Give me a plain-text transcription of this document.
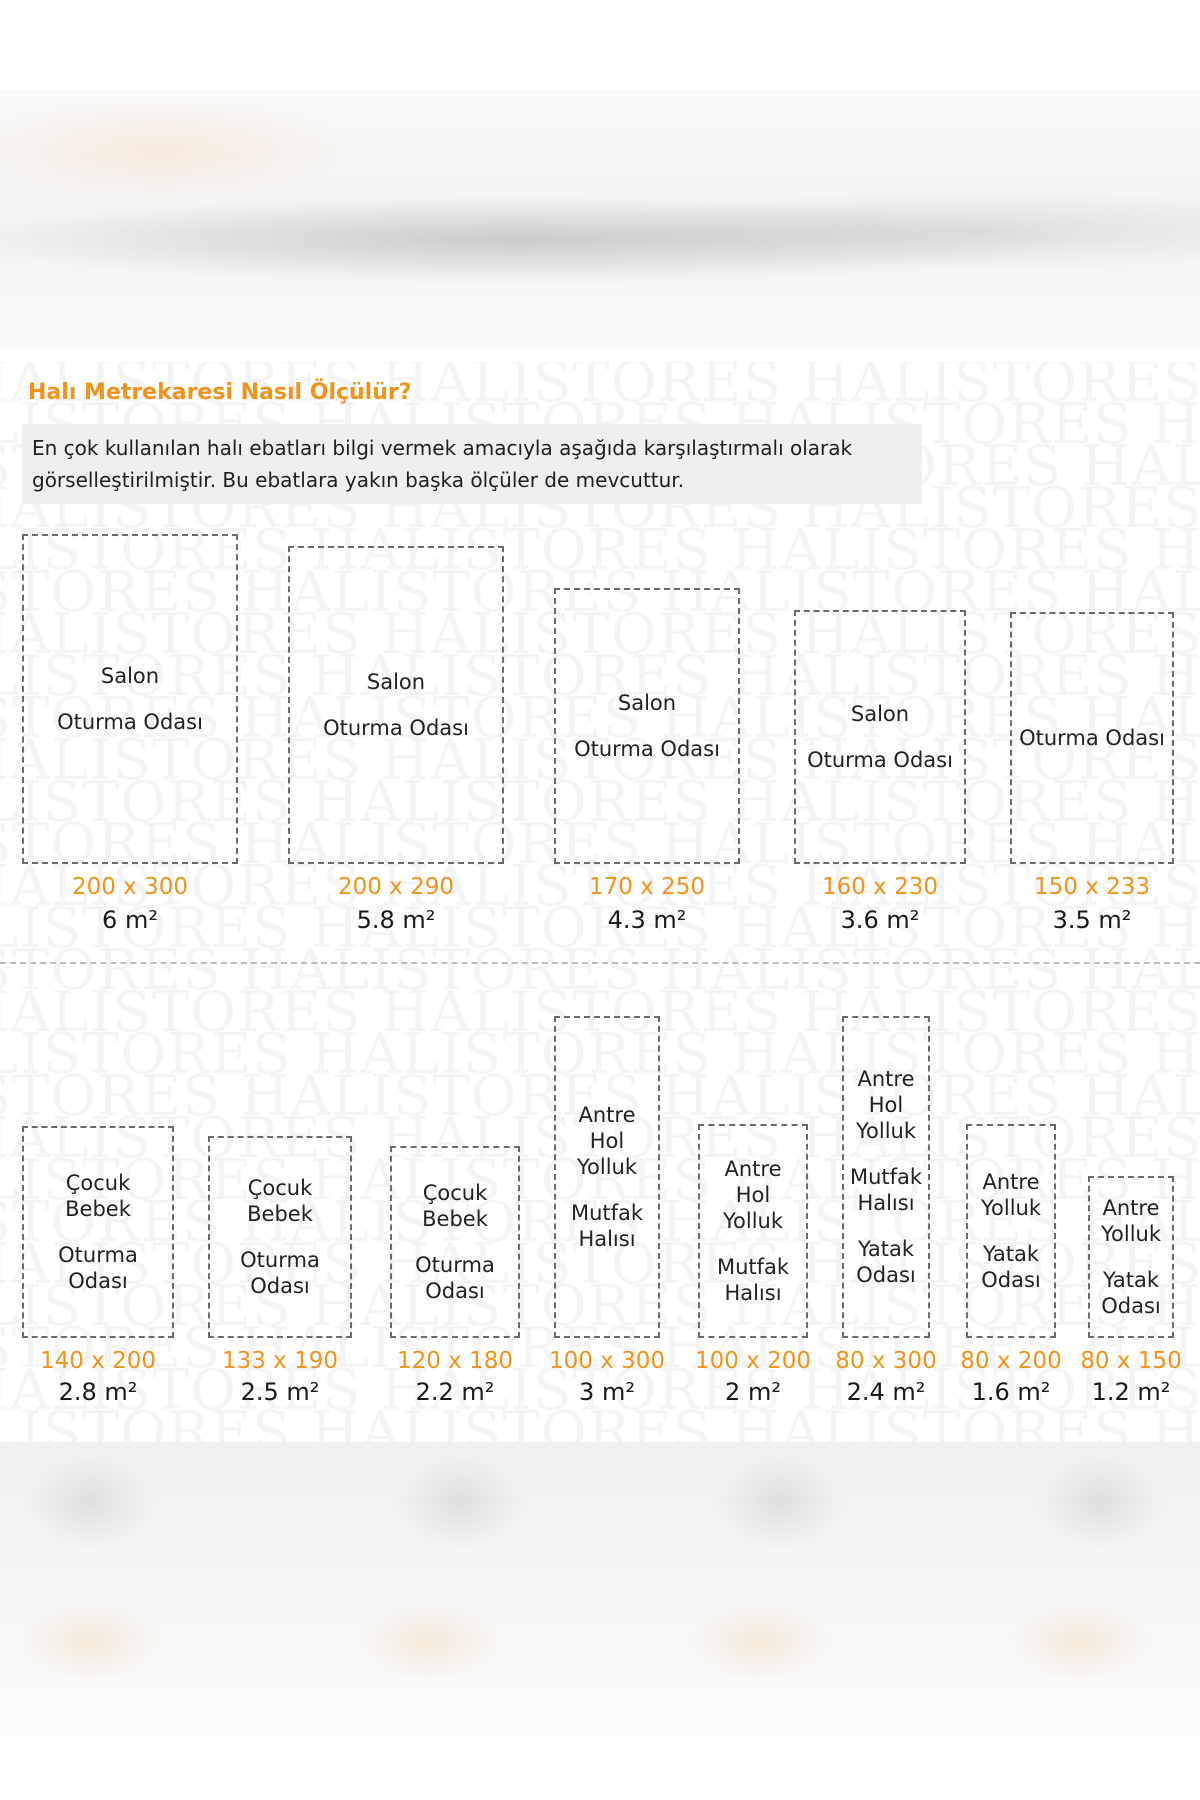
Halı Metrekaresi Nasıl Ölçülür?
En çok kullanılan halı ebatları bilgi vermek amacıyla aşağıda karşılaştırmalı olarak
görselleştirilmiştir. Bu ebatlara yakın başka ölçüler de mevcuttur.
Salon
Oturma Odası
200 x 300
6 m²
Salon
Oturma Odası
200 x 290
5.8 m²
Salon
Oturma Odası
170 x 250
4.3 m²
Salon
Oturma Odası
160 x 230
3.6 m²
Oturma Odası
150 x 233
3.5 m²
Çocuk
Bebek
Oturma
Odası
140 x 200
2.8 m²
Çocuk
Bebek
Oturma
Odası
133 x 190
2.5 m²
Çocuk
Bebek
Oturma
Odası
120 x 180
2.2 m²
Antre
Hol
Yolluk
Mutfak
Halısı
100 x 300
3 m²
Antre
Hol
Yolluk
Mutfak
Halısı
100 x 200
2 m²
Antre
Hol
Yolluk
Mutfak
Halısı
Yatak
Odası
80 x 300
2.4 m²
Antre
Yolluk
Yatak
Odası
80 x 200
1.6 m²
Antre
Yolluk
Yatak
Odası
80 x 150
1.2 m²
